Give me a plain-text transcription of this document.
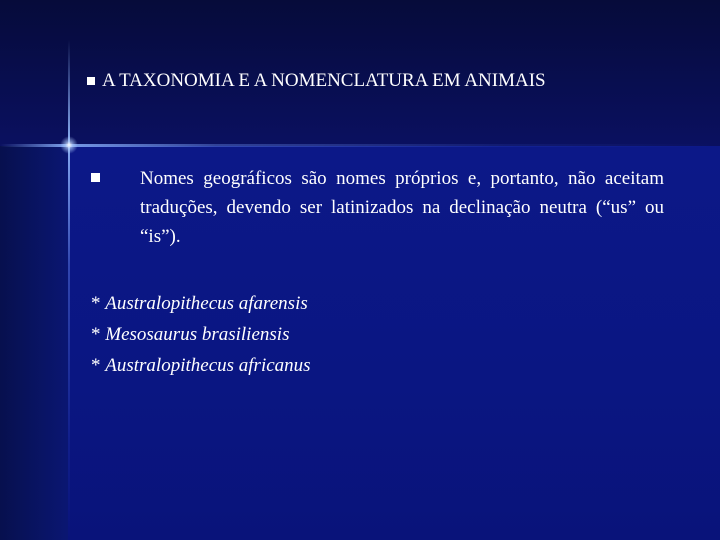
A TAXONOMIA E A NOMENCLATURA EM ANIMAIS
Nomes geográficos são nomes próprios e, portanto, não aceitam traduções, devendo ser latinizados na declinação neutra (“us” ou “is”).
* Australopithecus afarensis
* Mesosaurus brasiliensis
* Australopithecus africanus
